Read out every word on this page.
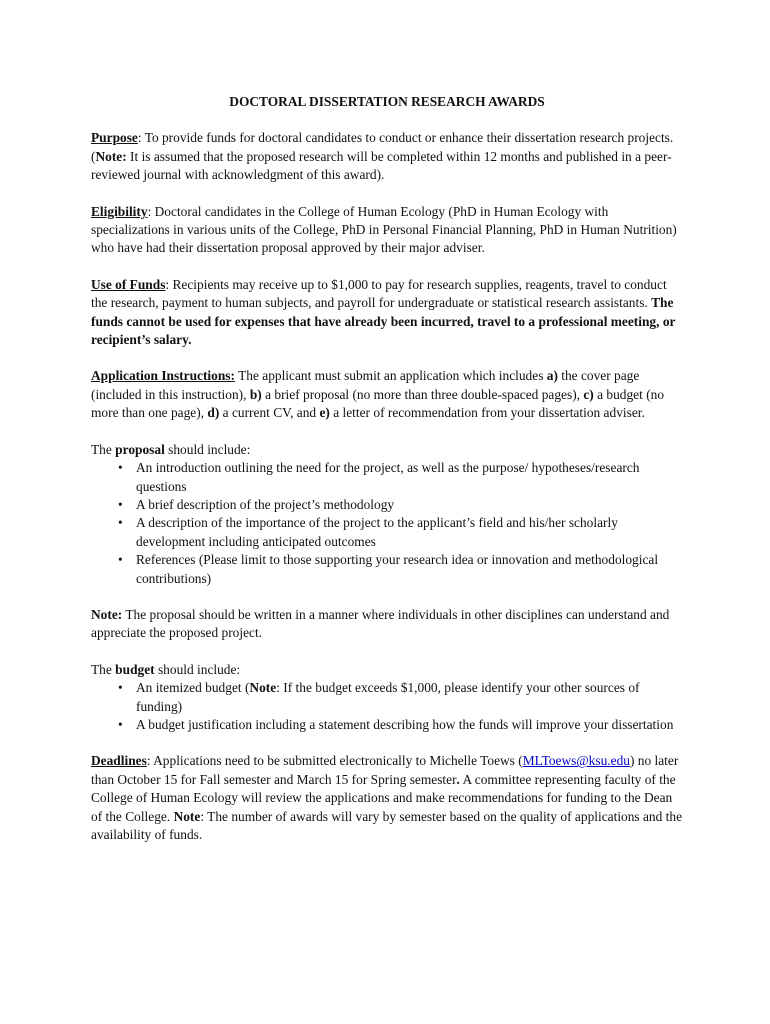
DOCTORAL DISSERTATION RESEARCH AWARDS

Purpose: To provide funds for doctoral candidates to conduct or enhance their dissertation research projects. (Note: It is assumed that the proposed research will be completed within 12 months and published in a peer-reviewed journal with acknowledgment of this award).

Eligibility: Doctoral candidates in the College of Human Ecology (PhD in Human Ecology with specializations in various units of the College, PhD in Personal Financial Planning, PhD in Human Nutrition) who have had their dissertation proposal approved by their major adviser.

Use of Funds: Recipients may receive up to $1,000 to pay for research supplies, reagents, travel to conduct the research, payment to human subjects, and payroll for undergraduate or statistical research assistants. The funds cannot be used for expenses that have already been incurred, travel to a professional meeting, or recipient’s salary.

Application Instructions: The applicant must submit an application which includes a) the cover page (included in this instruction), b) a brief proposal (no more than three double-spaced pages), c) a budget (no more than one page), d) a current CV, and e) a letter of recommendation from your dissertation adviser.

The proposal should include:
• An introduction outlining the need for the project, as well as the purpose/ hypotheses/research questions
• A brief description of the project’s methodology
• A description of the importance of the project to the applicant’s field and his/her scholarly development including anticipated outcomes
• References (Please limit to those supporting your research idea or innovation and methodological contributions)

Note: The proposal should be written in a manner where individuals in other disciplines can understand and appreciate the proposed project.

The budget should include:
• An itemized budget (Note: If the budget exceeds $1,000, please identify your other sources of funding)
• A budget justification including a statement describing how the funds will improve your dissertation

Deadlines: Applications need to be submitted electronically to Michelle Toews (MLToews@ksu.edu) no later than October 15 for Fall semester and March 15 for Spring semester. A committee representing faculty of the College of Human Ecology will review the applications and make recommendations for funding to the Dean of the College. Note: The number of awards will vary by semester based on the quality of applications and the availability of funds.
